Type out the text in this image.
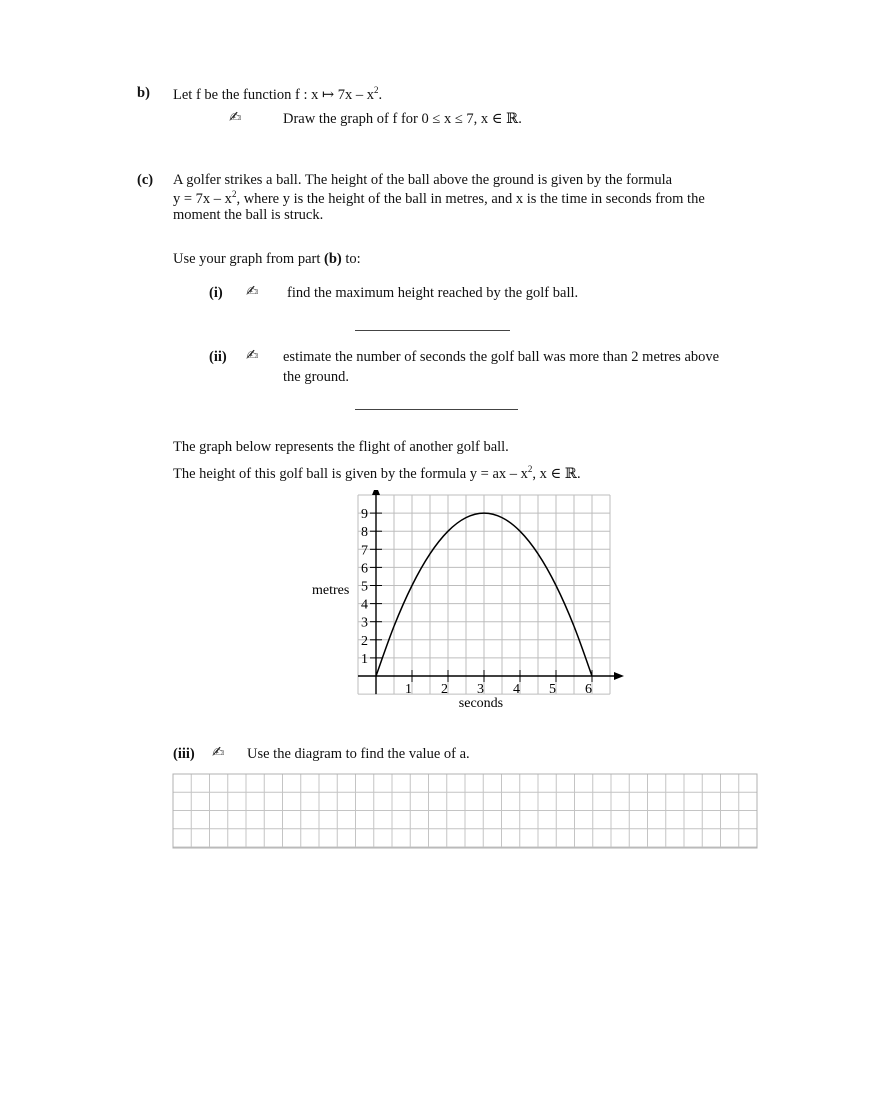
b) Let f be the function f : x ↦ $7x - x^2$.
✍	Draw the graph of f for 0 ≤ x ≤ 7, x ∈ ℝ.
(c) A golfer strikes a ball. The height of the ball above the ground is given by the formula
$y = 7x - x^2$, where y is the height of the ball in metres, and x is the time in seconds from the
moment the ball is struck.
Use your graph from part (b) to:
(i) ✍ find the maximum height reached by the golf ball.
(ii) ✍ estimate the number of seconds the golf ball was more than 2 metres above
the ground.
The graph below represents the flight of another golf ball.
The height of this golf ball is given by the formula y = ax – $x^2$, x ∈ ℝ.
1 2 3 4 5 6
1
2
3
4
5
6
7
8
9
seconds
metres
(iii) ✍ Use the diagram to find the value of a.
